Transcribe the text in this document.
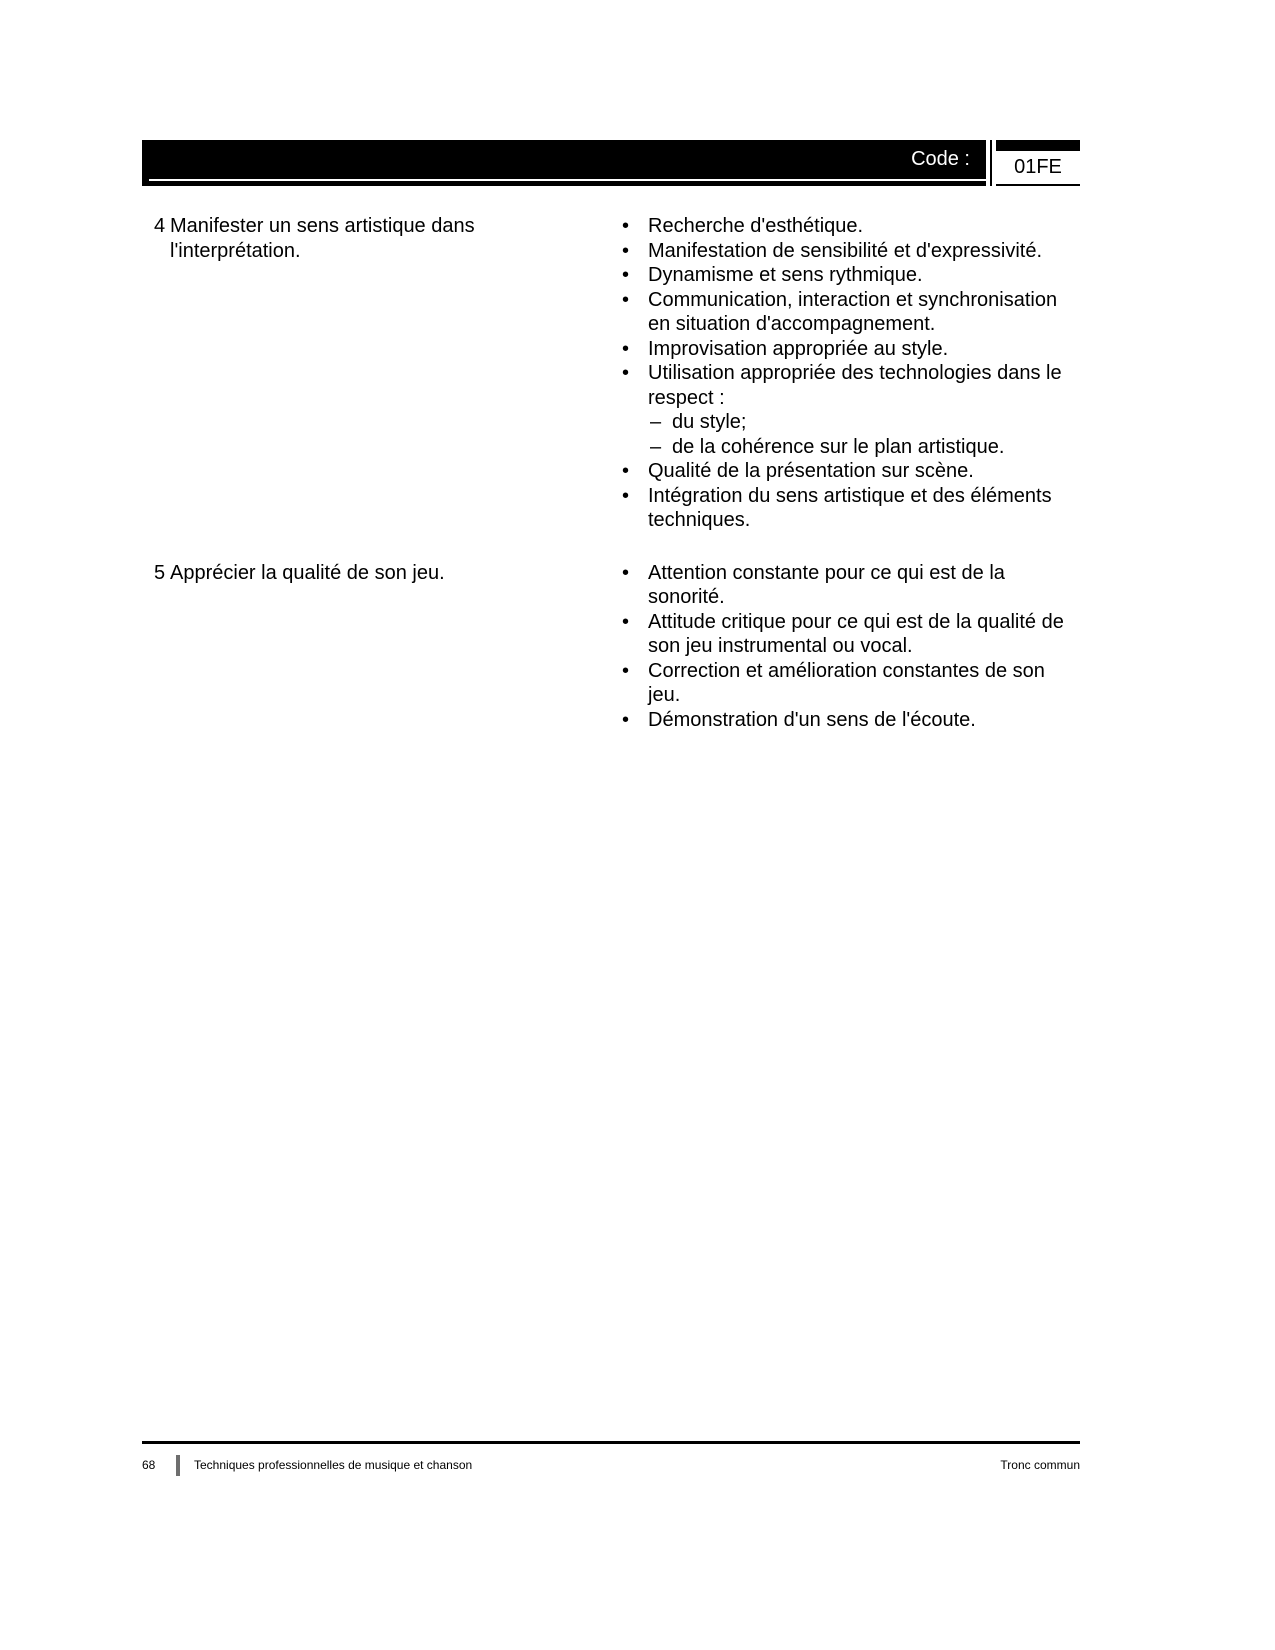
Code :	01FE
4 Manifester un sens artistique dans l'interprétation.
• Recherche d'esthétique.
• Manifestation de sensibilité et d'expressivité.
• Dynamisme et sens rythmique.
• Communication, interaction et synchronisation en situation d'accompagnement.
• Improvisation appropriée au style.
• Utilisation appropriée des technologies dans le respect :
– du style;
– de la cohérence sur le plan artistique.
• Qualité de la présentation sur scène.
• Intégration du sens artistique et des éléments techniques.
5 Apprécier la qualité de son jeu.	• Attention constante pour ce qui est de la sonorité.
• Attitude critique pour ce qui est de la qualité de son jeu instrumental ou vocal.
• Correction et amélioration constantes de son jeu.
• Démonstration d'un sens de l'écoute.
68	Techniques professionnelles de musique et chanson	Tronc commun
